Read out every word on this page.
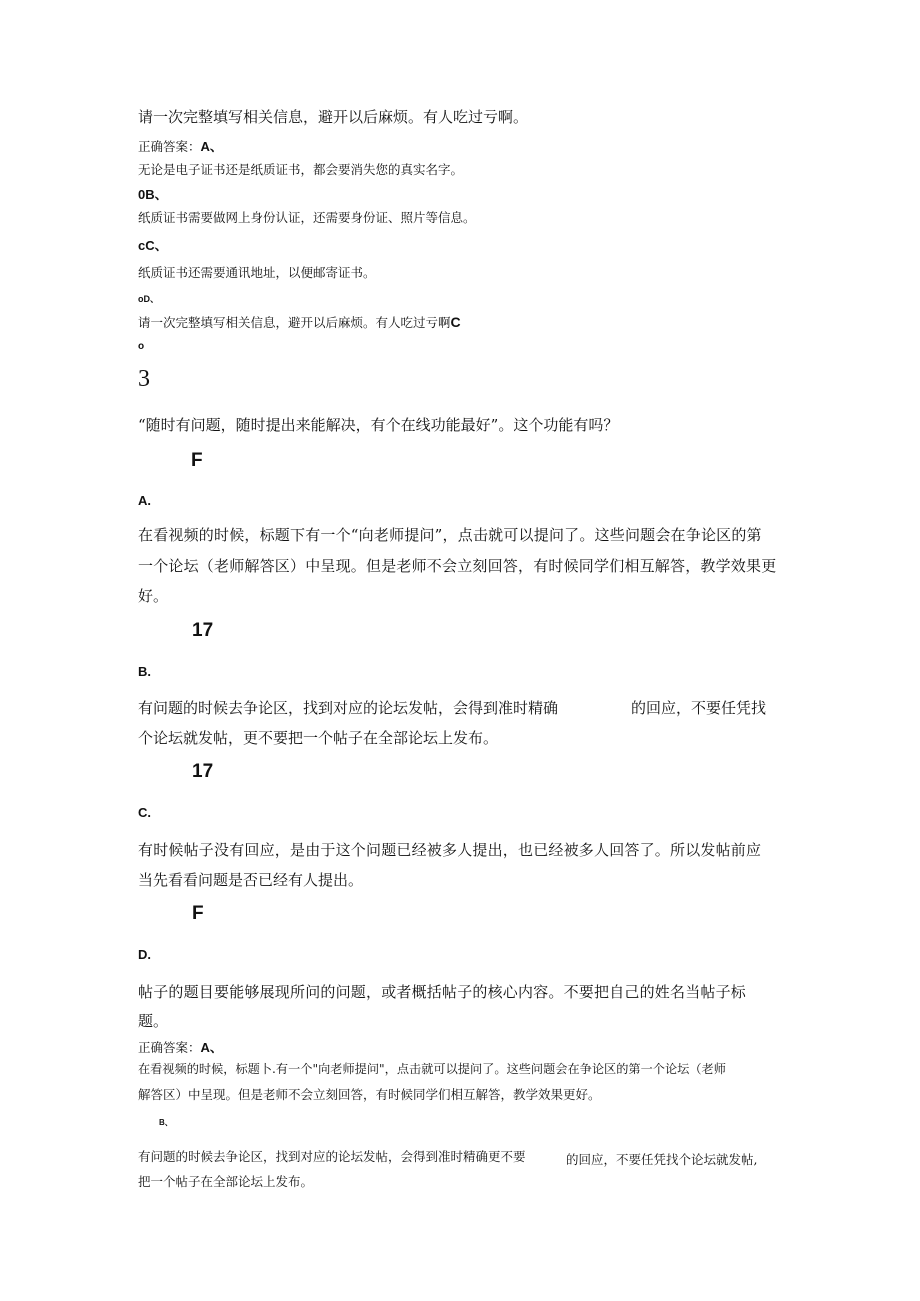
请一次完整填写相关信息，避开以后麻烦。有人吃过亏啊。
正确答案：A、
无论是电子证书还是纸质证书，都会要消失您的真实名字。
0B、
纸质证书需要做网上身份认证，还需要身份证、照片等信息。
cC、
纸质证书还需要通讯地址，以便邮寄证书。
oD、
请一次完整填写相关信息，避开以后麻烦。有人吃过亏啊C
o
3
“随时有问题，随时提出来能解决，有个在线功能最好”。这个功能有吗？
F
A.
在看视频的时候，标题下有一个“向老师提问”，点击就可以提问了。这些问题会在争论区的第
一个论坛（老师解答区）中呈现。但是老师不会立刻回答，有时候同学们相互解答，教学效果更
好。
17
B.
有问题的时候去争论区，找到对应的论坛发帖，会得到准时精确	的回应，不要任凭找
个论坛就发帖，更不要把一个帖子在全部论坛上发布。
17
C.
有时候帖子没有回应，是由于这个问题已经被多人提出，也已经被多人回答了。所以发帖前应
当先看看问题是否已经有人提出。
F
D.
帖子的题目要能够展现所问的问题，或者概括帖子的核心内容。不要把自己的姓名当帖子标
题。
正确答案：A、
在看视频的时候，标题卜.有一个"向老师提问"，点击就可以提问了。这些问题会在争论区的第一个论坛（老师
解答区）中呈现。但是老师不会立刻回答，有时候同学们相互解答，教学效果更好。
B、
有问题的时候去争论区，找到对应的论坛发帖，会得到准时精确更不要	的回应，不要任凭找个论坛就发帖,
把一个帖子在全部论坛上发布。
